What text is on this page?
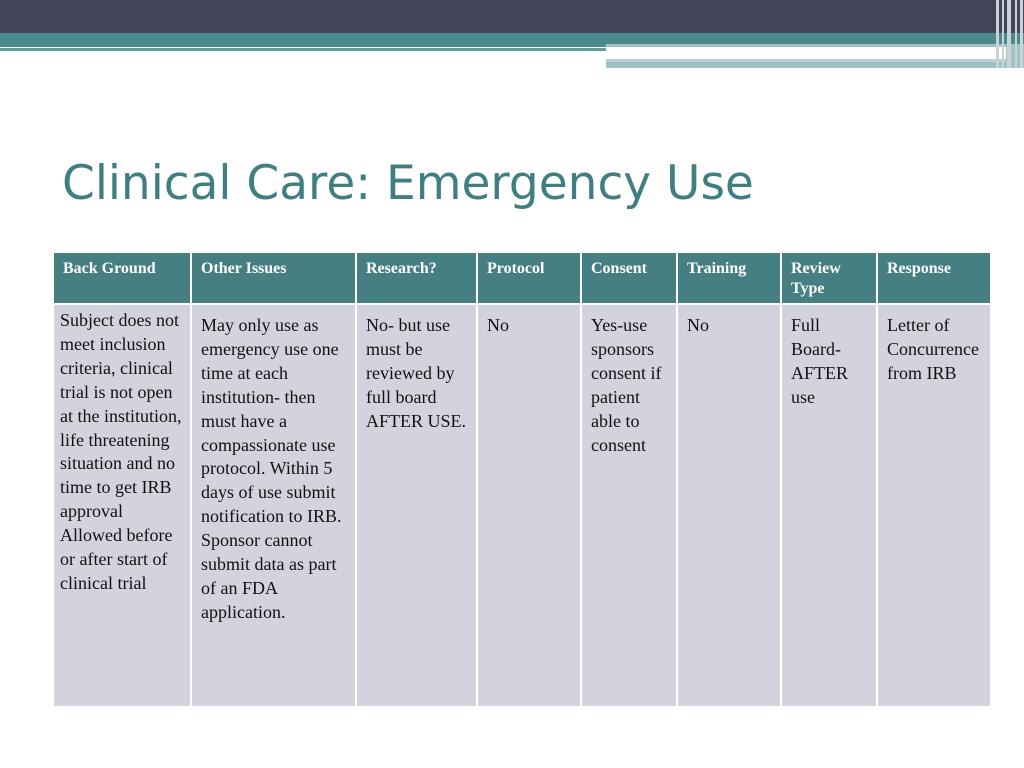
Clinical Care: Emergency Use
Back Ground	Other Issues	Research?	Protocol	Consent	Training	Review Type	Response
Subject does not meet inclusion criteria, clinical trial is not open at the institution, life threatening situation and no time to get IRB approval Allowed before or after start of clinical trial	May only use as emergency use one time at each institution- then must have a compassionate use protocol. Within 5 days of use submit notification to IRB. Sponsor cannot submit data as part of an FDA application.	No- but use must be reviewed by full board AFTER USE.	No	Yes-use sponsors consent if patient able to consent	No	Full Board- AFTER use	Letter of Concurrence from IRB
